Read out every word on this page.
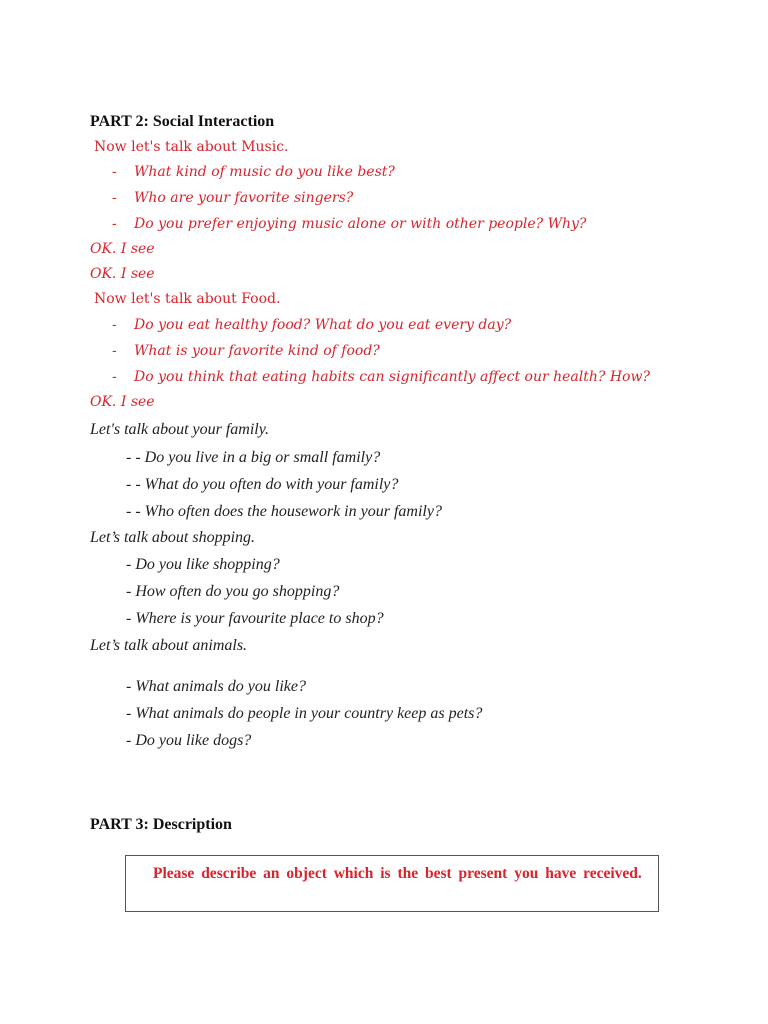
PART 2: Social Interaction
Now let's talk about Music.
- What kind of music do you like best?
- Who are your favorite singers?
- Do you prefer enjoying music alone or with other people? Why?
OK. I see
OK. I see
Now let's talk about Food.
- Do you eat healthy food? What do you eat every day?
- What is your favorite kind of food?
- Do you think that eating habits can significantly affect our health? How?
OK. I see
Let's talk about your family.
- - Do you live in a big or small family?
- - What do you often do with your family?
- - Who often does the housework in your family?
Let’s talk about shopping.
- Do you like shopping?
- How often do you go shopping?
- Where is your favourite place to shop?
Let’s talk about animals.
- What animals do you like?
- What animals do people in your country keep as pets?
- Do you like dogs?
PART 3: Description
Please describe an object which is the best present you have received.
